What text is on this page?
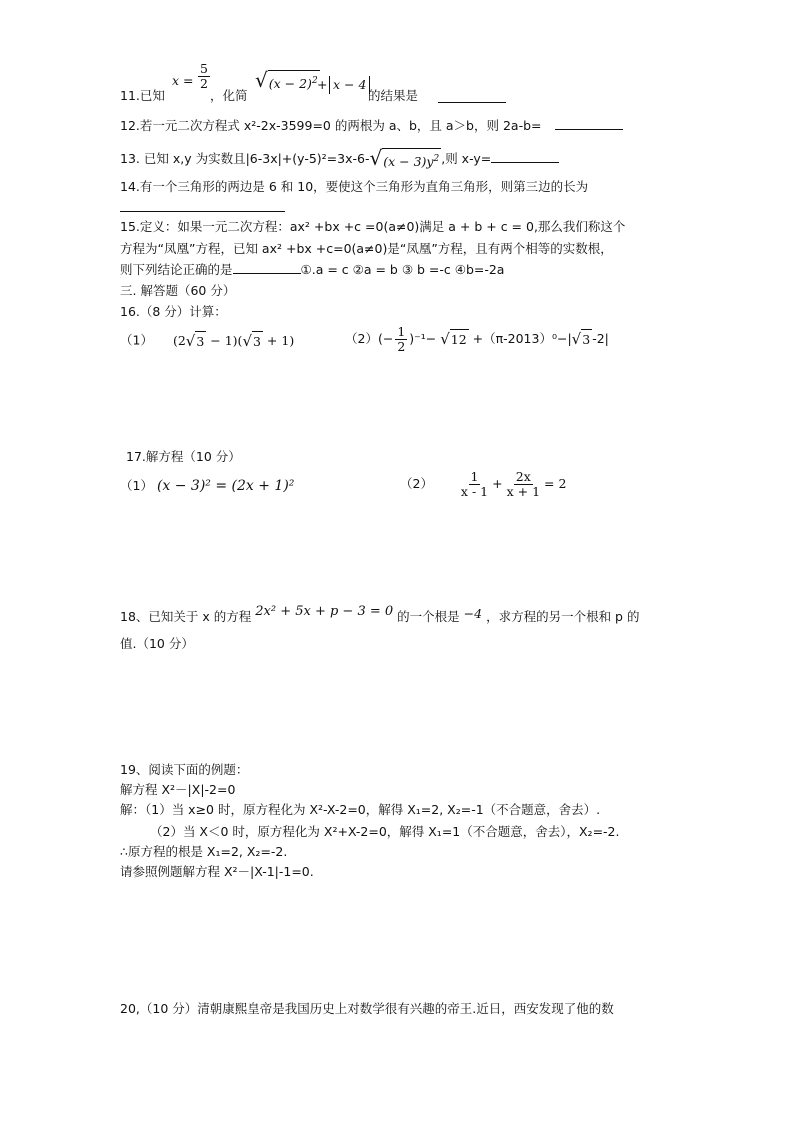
11.已知
$x = \frac{5}{2}$
，化简
√ $(x - 2)^2 + x - 4$
的结果是
12.若一元二次方程式 x²-2x-3599=0 的两根为 a、b，且 a＞b，则 2a-b=
13. 已知 x,y 为实数且|6-3x|+(y-5)²=3x-6- √ $(x - 3)y^2$ ,则 x-y=
14.有一个三角形的两边是 6 和 10，要使这个三角形为直角三角形，则第三边的长为
15.定义：如果一元二次方程：ax² +bx +c =0(a≠0)满足 a + b + c = 0,那么我们称这个
方程为“凤凰”方程，已知 ax² +bx +c=0(a≠0)是“凤凰”方程，且有两个相等的实数根，
则下列结论正确的是	①.a = c ②a = b ③ b =-c ④b=-2a
三. 解答题（60 分）
16.（8 分）计算：
（1） (2 √ 3 − 1)( √ 3 + 1)	$(2)(- \frac{1}{2} )^{-1}-$ √ 12 +（π-2013）⁰−| √ 3 -2|
17.解方程（10 分）
（1） (x − 3)² = (2x + 1)²	$(2) \frac{1}{x - 1} + \frac{2x}{x + 1} = 2$
18、已知关于 x 的方程 2x² + 5x + p − 3 = 0 的一个根是 −4 ，求方程的另一个根和 p 的
值.（10 分）
19、阅读下面的例题：
解方程 X²－|X|-2=0
解：（1）当 x≥0 时，原方程化为 X²-X-2=0，解得 X₁=2, X₂=-1（不合题意，舍去）.
（2）当 X＜0 时，原方程化为 X²+X-2=0，解得 X₁=1（不合题意，舍去），X₂=-2.
∴原方程的根是 X₁=2, X₂=-2.
请参照例题解方程 X²－|X-1|-1=0.
20,（10 分）清朝康熙皇帝是我国历史上对数学很有兴趣的帝王.近日，西安发现了他的数
